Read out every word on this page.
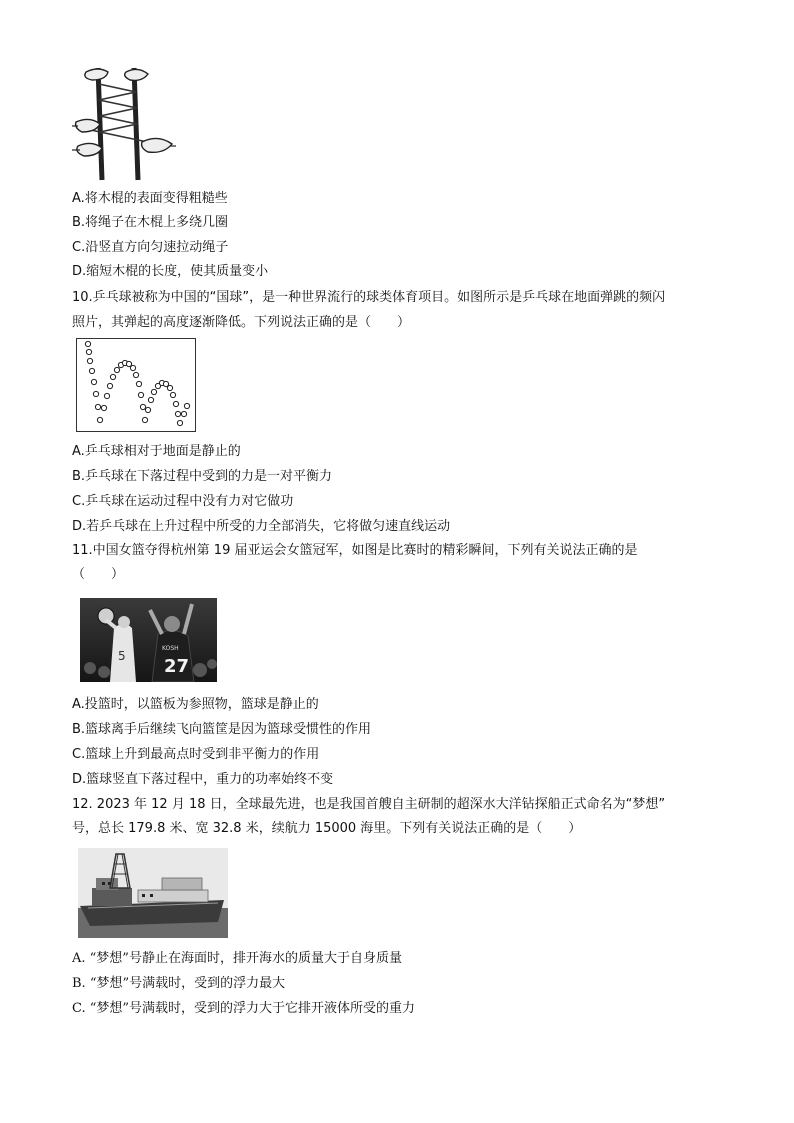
A.将木棍的表面变得粗糙些
B.将绳子在木棍上多绕几圈
C.沿竖直方向匀速拉动绳子
D.缩短木棍的长度，使其质量变小
10.乒乓球被称为中国的“国球”，是一种世界流行的球类体育项目。如图所示是乒乓球在地面弹跳的频闪
照片，其弹起的高度逐渐降低。下列说法正确的是（　　）
A.乒乓球相对于地面是静止的
B.乒乓球在下落过程中受到的力是一对平衡力
C.乒乓球在运动过程中没有力对它做功
D.若乒乓球在上升过程中所受的力全部消失，它将做匀速直线运动
11.中国女篮夺得杭州第 19 届亚运会女篮冠军，如图是比赛时的精彩瞬间，下列有关说法正确的是
（　　）
5
KOSH
27
A.投篮时，以篮板为参照物，篮球是静止的
B.篮球离手后继续飞向篮筐是因为篮球受惯性的作用
C.篮球上升到最高点时受到非平衡力的作用
D.篮球竖直下落过程中，重力的功率始终不变
12. 2023 年 12 月 18 日，全球最先进，也是我国首艘自主研制的超深水大洋钻探船正式命名为“梦想”
号，总长 179.8 米、宽 32.8 米，续航力 15000 海里。下列有关说法正确的是（　　）
A. “梦想”号静止在海面时，排开海水的质量大于自身质量
B. “梦想”号满载时，受到的浮力最大
C. “梦想”号满载时，受到的浮力大于它排开液体所受的重力
